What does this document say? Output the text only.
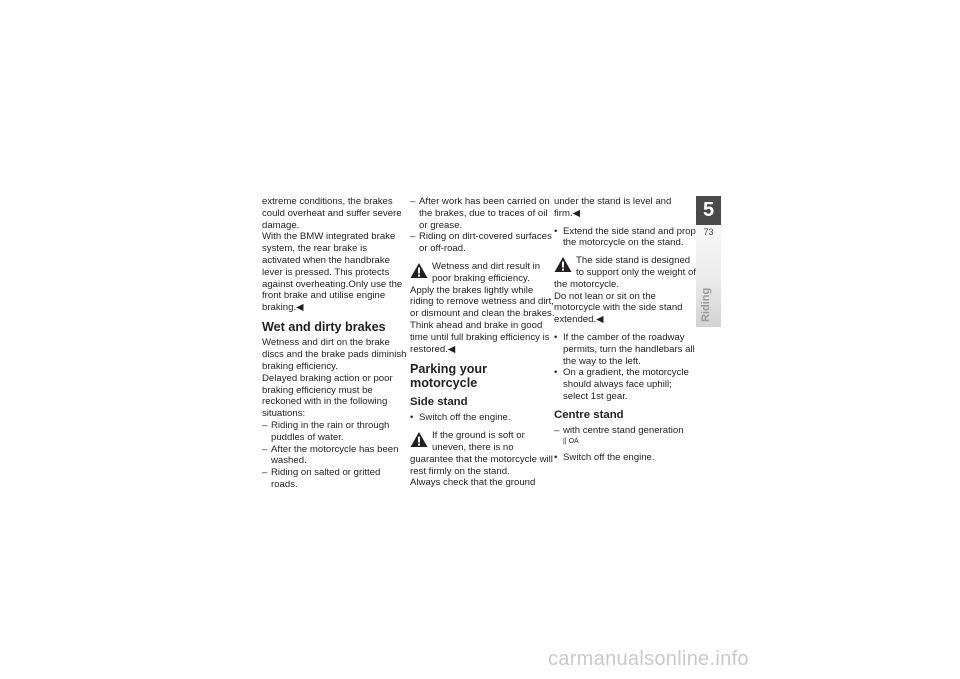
extreme conditions, the brakes could overheat and suffer severe damage.

With the BMW integrated brake system, the rear brake is activated when the handbrake lever is pressed. This protects against overheating.Only use the front brake and utilise engine braking.◀

Wet and dirty brakes

Wetness and dirt on the brake discs and the brake pads diminish braking efficiency.

Delayed braking action or poor braking efficiency must be reckoned with in the following situations:

– Riding in the rain or through puddles of water.
– After the motorcycle has been washed.
– Riding on salted or gritted roads.
– After work has been carried on the brakes, due to traces of oil or grease.
– Riding on dirt-covered surfaces or off-road.
Wetness and dirt result in poor braking efficiency.

Apply the brakes lightly while riding to remove wetness and dirt, or dismount and clean the brakes.

Think ahead and brake in good time until full braking efficiency is restored.◀

Parking your motorcycle
Side stand
• Switch off the engine.
If the ground is soft or uneven, there is no guarantee that the motorcycle will rest firmly on the stand.

Always check that the ground

under the stand is level and firm.◀

• Extend the side stand and prop the motorcycle on the stand.
The side stand is designed to support only the weight of the motorcycle.

Do not lean or sit on the motorcycle with the side stand extended.◀

• If the camber of the roadway permits, turn the handlebars all the way to the left.
• On a gradient, the motorcycle should always face uphill; select 1st gear.
Centre stand
– with centre stand generation
|| OA
• Switch off the engine.
5
73
Riding
carmanualsonline.info
